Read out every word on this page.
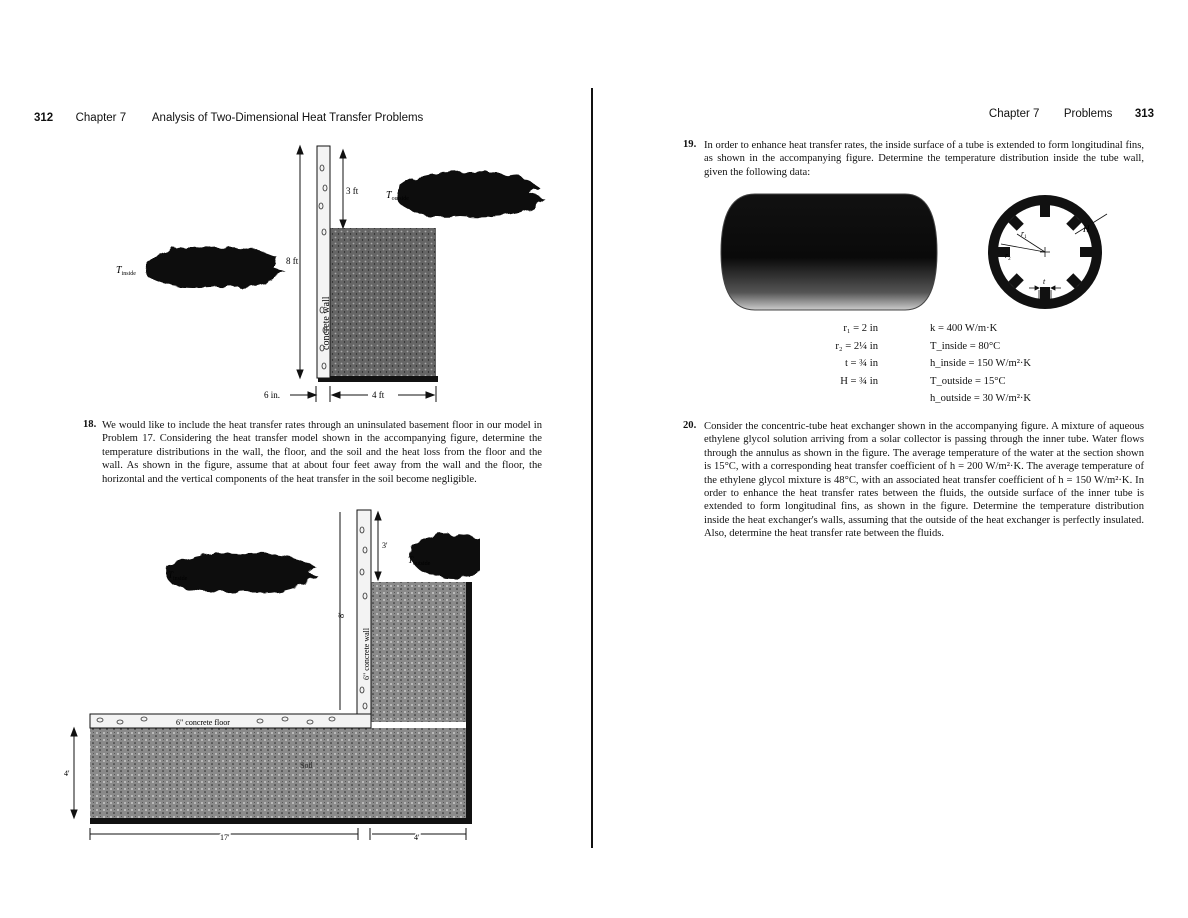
312 Chapter 7 Analysis of Two-Dimensional Heat Transfer Problems
concrete wall
8 ft
3 ft
6 in.	4 ft
$T_{inside}$
$T_{outside}$
18. We would like to include the heat transfer rates through an uninsulated basement floor in our model in Problem 17. Considering the heat transfer model shown in the accompanying figure, determine the temperature distributions in the wall, the floor, and the soil and the heat loss from the floor and the wall. As shown in the figure, assume that at about four feet away from the wall and the floor, the horizontal and the vertical components of the heat transfer in the soil become negligible.
3'
8'
6" concrete wall
6" concrete floor
Soil
4'
17'	4'
$T_{inside}$
$T_{outside}$
Chapter 7 Problems 313
19. In order to enhance heat transfer rates, the inside surface of a tube is extended to form longitudinal fins, as shown in the accompanying figure. Determine the temperature distribution inside the tube wall, given the following data:
$r_1$
$r_2$
H
t
r₁ = 2 in	k = 400 W/m·K
r₂ = 2¼ in	T_inside = 80°C
t = ¾ in	h_inside = 150 W/m²·K
H = ¾ in	T_outside = 15°C
h_outside = 30 W/m²·K
20. Consider the concentric-tube heat exchanger shown in the accompanying figure. A mixture of aqueous ethylene glycol solution arriving from a solar collector is passing through the inner tube. Water flows through the annulus as shown in the figure. The average temperature of the water at the section shown is 15°C, with a corresponding heat transfer coefficient of h = 200 W/m²·K. The average temperature of the ethylene glycol mixture is 48°C, with an associated heat transfer coefficient of h = 150 W/m²·K. In order to enhance the heat transfer rates between the fluids, the outside surface of the inner tube is extended to form longitudinal fins, as shown in the figure. Determine the temperature distribution inside the heat exchanger's walls, assuming that the outside of the heat exchanger is perfectly insulated. Also, determine the heat transfer rate between the fluids.
